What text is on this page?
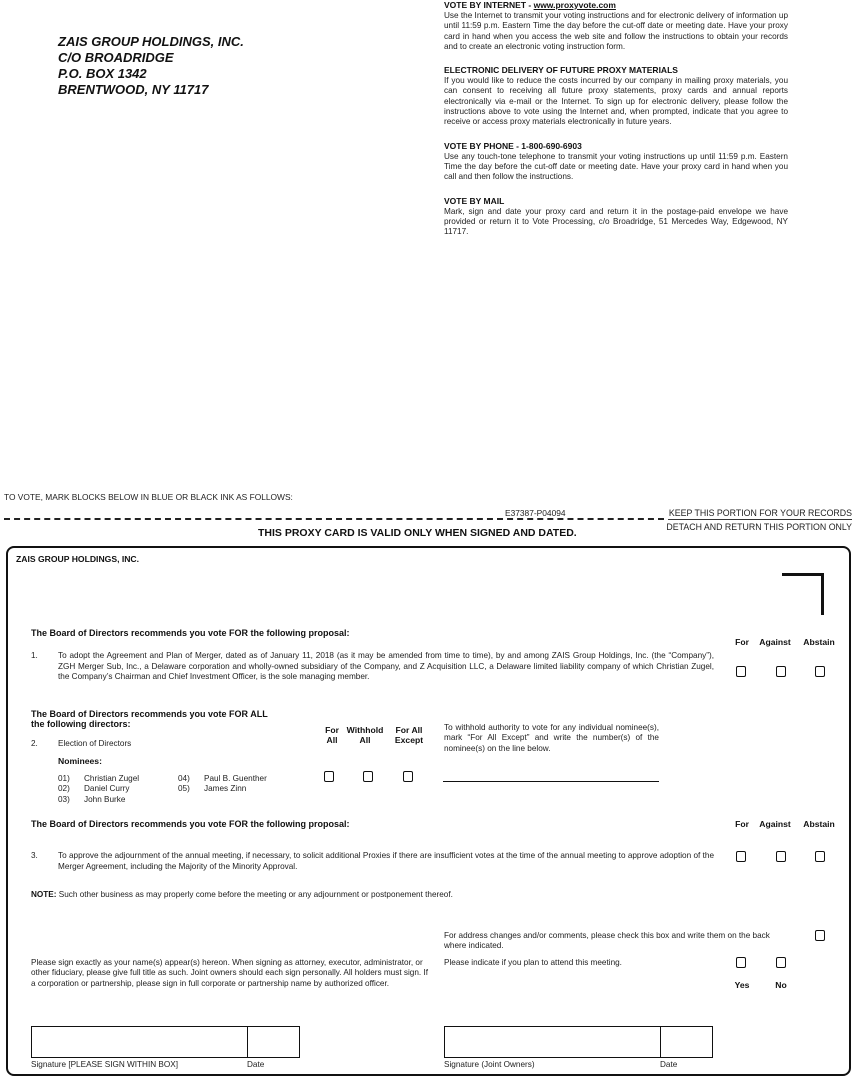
ZAIS GROUP HOLDINGS, INC.
C/O BROADRIDGE
P.O. BOX 1342
BRENTWOOD, NY 11717
VOTE BY INTERNET - www.proxyvote.com
Use the Internet to transmit your voting instructions and for electronic delivery of information up until 11:59 p.m. Eastern Time the day before the cut-off date or meeting date. Have your proxy card in hand when you access the web site and follow the instructions to obtain your records and to create an electronic voting instruction form.
ELECTRONIC DELIVERY OF FUTURE PROXY MATERIALS
If you would like to reduce the costs incurred by our company in mailing proxy materials, you can consent to receiving all future proxy statements, proxy cards and annual reports electronically via e-mail or the Internet. To sign up for electronic delivery, please follow the instructions above to vote using the Internet and, when prompted, indicate that you agree to receive or access proxy materials electronically in future years.
VOTE BY PHONE - 1-800-690-6903
Use any touch-tone telephone to transmit your voting instructions up until 11:59 p.m. Eastern Time the day before the cut-off date or meeting date. Have your proxy card in hand when you call and then follow the instructions.
VOTE BY MAIL
Mark, sign and date your proxy card and return it in the postage-paid envelope we have provided or return it to Vote Processing, c/o Broadridge, 51 Mercedes Way, Edgewood, NY 11717.
TO VOTE, MARK BLOCKS BELOW IN BLUE OR BLACK INK AS FOLLOWS:
E37387-P04094	KEEP THIS PORTION FOR YOUR RECORDS
DETACH AND RETURN THIS PORTION ONLY
THIS PROXY CARD IS VALID ONLY WHEN SIGNED AND DATED.
ZAIS GROUP HOLDINGS, INC.
The Board of Directors recommends you vote FOR the following proposal:
For	Against	Abstain
1. To adopt the Agreement and Plan of Merger, dated as of January 11, 2018 (as it may be amended from time to time), by and among ZAIS Group Holdings, Inc. (the “Company”), ZGH Merger Sub, Inc., a Delaware corporation and wholly-owned subsidiary of the Company, and Z Acquisition LLC, a Delaware limited liability company of which Christian Zugel, the Company’s Chairman and Chief Investment Officer, is the sole managing member.
The Board of Directors recommends you vote FOR ALL
the following directors:
For All
Withhold All
For All Except
To withhold authority to vote for any individual nominee(s), mark “For All Except” and write the number(s) of the nominee(s) on the line below.
2. Election of Directors
Nominees:
01) Christian Zugel
02) Daniel Curry
03) John Burke
04) Paul B. Guenther
05) James Zinn
The Board of Directors recommends you vote FOR the following proposal:	For	Against	Abstain
3. To approve the adjournment of the annual meeting, if necessary, to solicit additional Proxies if there are insufficient votes at the time of the annual meeting to approve adoption of the Merger Agreement, including the Majority of the Minority Approval.
NOTE: Such other business as may properly come before the meeting or any adjournment or postponement thereof.
For address changes and/or comments, please check this box and write them on the back where indicated.
Please indicate if you plan to attend this meeting.
Yes	No
Please sign exactly as your name(s) appear(s) hereon. When signing as attorney, executor, administrator, or other fiduciary, please give full title as such. Joint owners should each sign personally. All holders must sign. If a corporation or partnership, please sign in full corporate or partnership name by authorized officer.
Signature [PLEASE SIGN WITHIN BOX]	Date	Signature (Joint Owners)	Date
